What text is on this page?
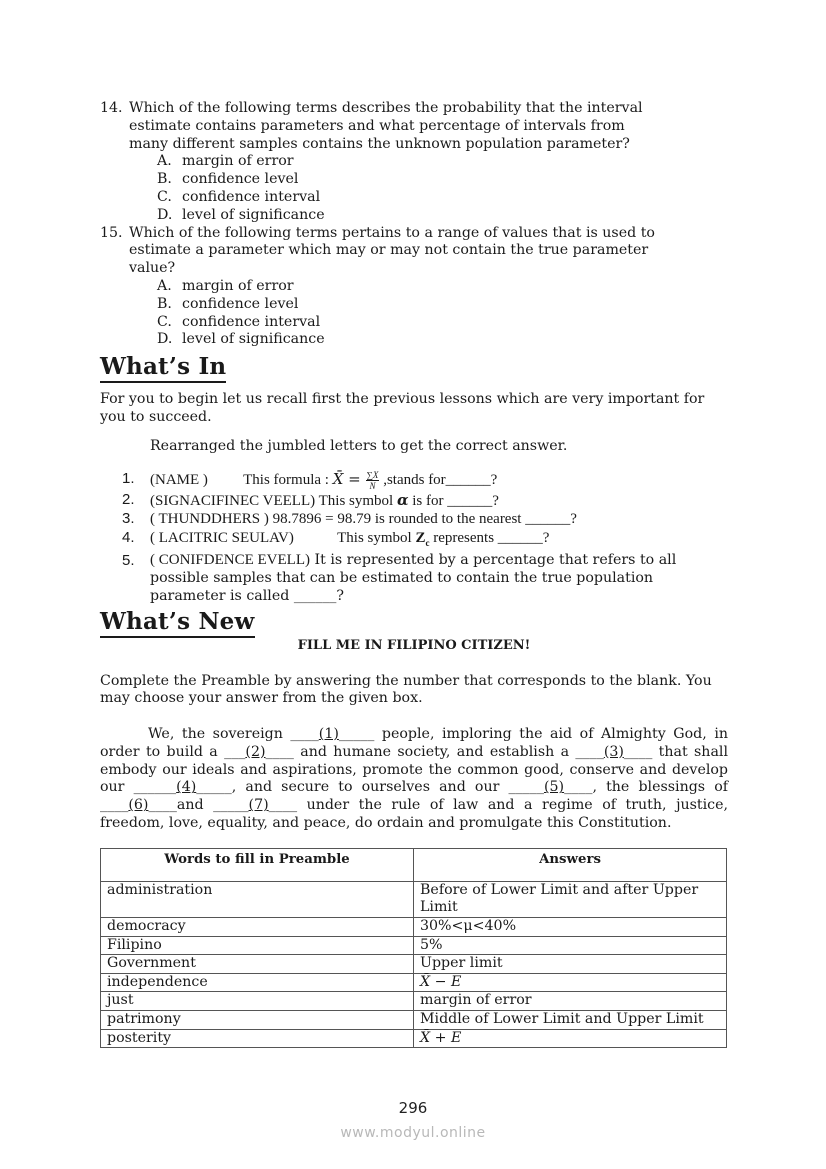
14. Which of the following terms describes the probability that the interval
estimate contains parameters and what percentage of intervals from
many different samples contains the unknown population parameter?
A. margin of error
B. confidence level
C. confidence interval
D. level of significance
15. Which of the following terms pertains to a range of values that is used to
estimate a parameter which may or may not contain the true parameter
value?
A. margin of error
B. confidence level
C. confidence interval
D. level of significance
What’s In

For you to begin let us recall first the previous lessons which are very important for you to succeed.

Rearranged the jumbled letters to get the correct answer.

1. (NAME ) This formula : X̄ = $\frac{\sum X}{N}$ ,stands for______?
2. (SIGNACIFINEC VEELL) This symbol α is for ______?
3. ( THUNDDHERS ) 98.7896 = 98.79 is rounded to the nearest ______?
4. ( LACITRIC SEULAV)	This symbol $Z_c$ represents ______?
5. ( CONIFDENCE EVELL) It is represented by a percentage that refers to all possible samples that can be estimated to contain the true population parameter is called ______?
What’s New
FILL ME IN FILIPINO CITIZEN!

Complete the Preamble by answering the number that corresponds to the blank. You may choose your answer from the given box.

We, the sovereign ____(1)_____ people, imploring the aid of Almighty God, in order to build a ___(2)____ and humane society, and establish a ____(3)____ that shall embody our ideals and aspirations, promote the common good, conserve and develop our ______(4)_____, and secure to ourselves and our _____(5)____, the blessings of ____(6)____and _____(7)____ under the rule of law and a regime of truth, justice, freedom, love, equality, and peace, do ordain and promulgate this Constitution.

Words to fill in Preamble	Answers
administration	Before of Lower Limit and after Upper Limit
democracy	30%<μ<40%
Filipino	5%
Government	Upper limit
independence	X̄ − E
just	margin of error
patrimony	Middle of Lower Limit and Upper Limit
posterity	X̄ + E
296
www.modyul.online
